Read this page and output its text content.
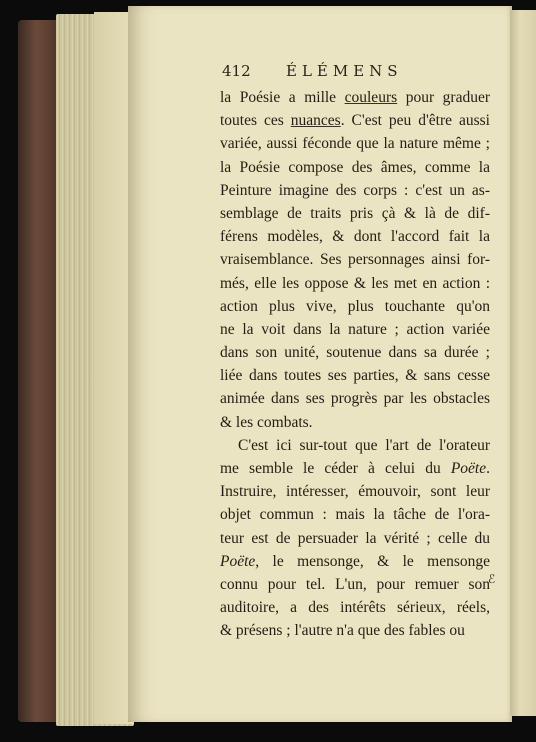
412 ÉLÉMENS
la Poésie a mille couleurs pour graduer
toutes ces nuances. C'est peu d'être aussi
variée, aussi féconde que la nature même ;
la Poésie compose des âmes, comme la
Peinture imagine des corps : c'est un as-
semblage de traits pris çà & là de dif-
férens modèles, & dont l'accord fait la
vraisemblance. Ses personnages ainsi for-
més, elle les oppose & les met en action :
action plus vive, plus touchante qu'on
ne la voit dans la nature ; action variée
dans son unité, soutenue dans sa durée ;
liée dans toutes ses parties, & sans cesse
animée dans ses progrès par les obstacles
& les combats.
C'est ici sur-tout que l'art de l'orateur
me semble le céder à celui du Poëte.
Instruire, intéresser, émouvoir, sont leur
objet commun : mais la tâche de l'ora-
teur est de persuader la vérité ; celle du
Poëte, le mensonge, & le mensonge
connu pour tel. L'un, pour remuer son
auditoire, a des intérêts sérieux, réels,
& présens ; l'autre n'a que des fables ou
ℰ
